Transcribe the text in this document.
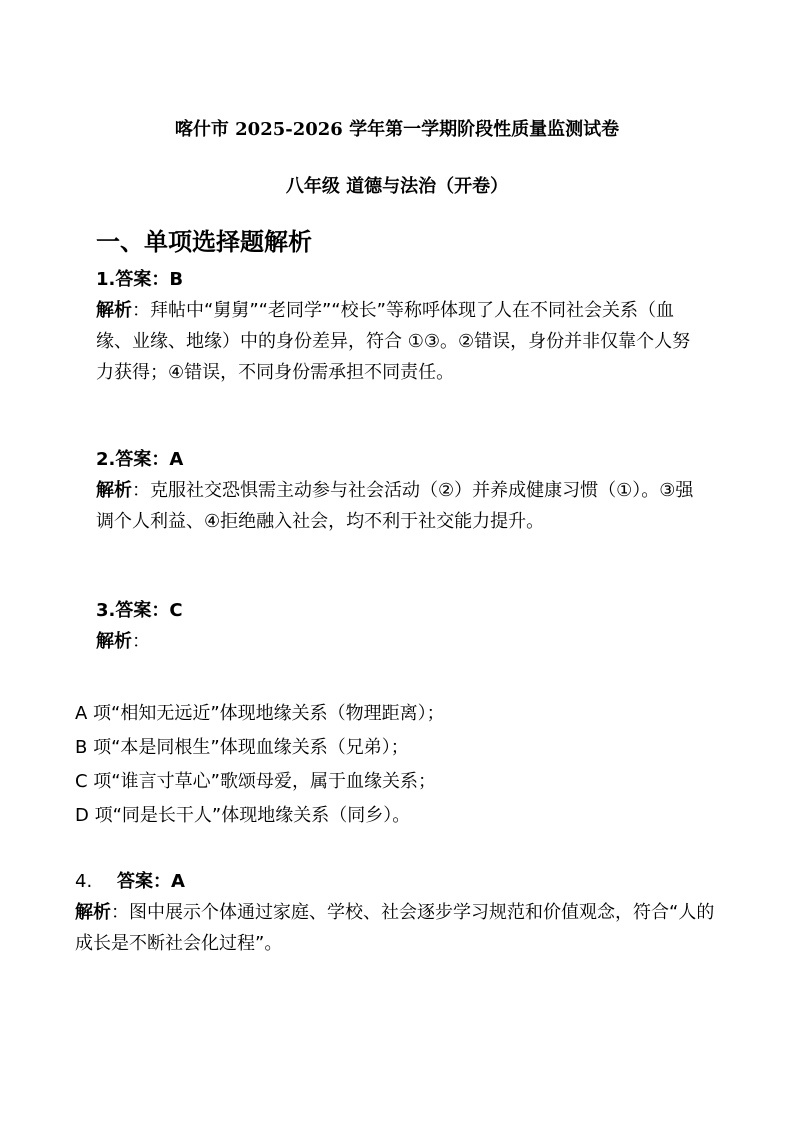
喀什市 2025-2026 学年第一学期阶段性质量监测试卷
八年级 道德与法治（开卷）
一、单项选择题解析

1.答案：B

解析：拜帖中“舅舅”“老同学”“校长”等称呼体现了人在不同社会关系（血缘、业缘、地缘）中的身份差异，符合 ①③。②错误，身份并非仅靠个人努力获得；④错误，不同身份需承担不同责任。

2.答案：A

解析：克服社交恐惧需主动参与社会活动（②）并养成健康习惯（①）。③强调个人利益、④拒绝融入社会，均不利于社交能力提升。

3.答案：C

解析：

A 项“相知无远近”体现地缘关系（物理距离）；

B 项“本是同根生”体现血缘关系（兄弟）；

C 项“谁言寸草心”歌颂母爱，属于血缘关系；

D 项“同是长干人”体现地缘关系（同乡）。

4. 答案：A

解析：图中展示个体通过家庭、学校、社会逐步学习规范和价值观念，符合“人的成长是不断社会化过程”。
